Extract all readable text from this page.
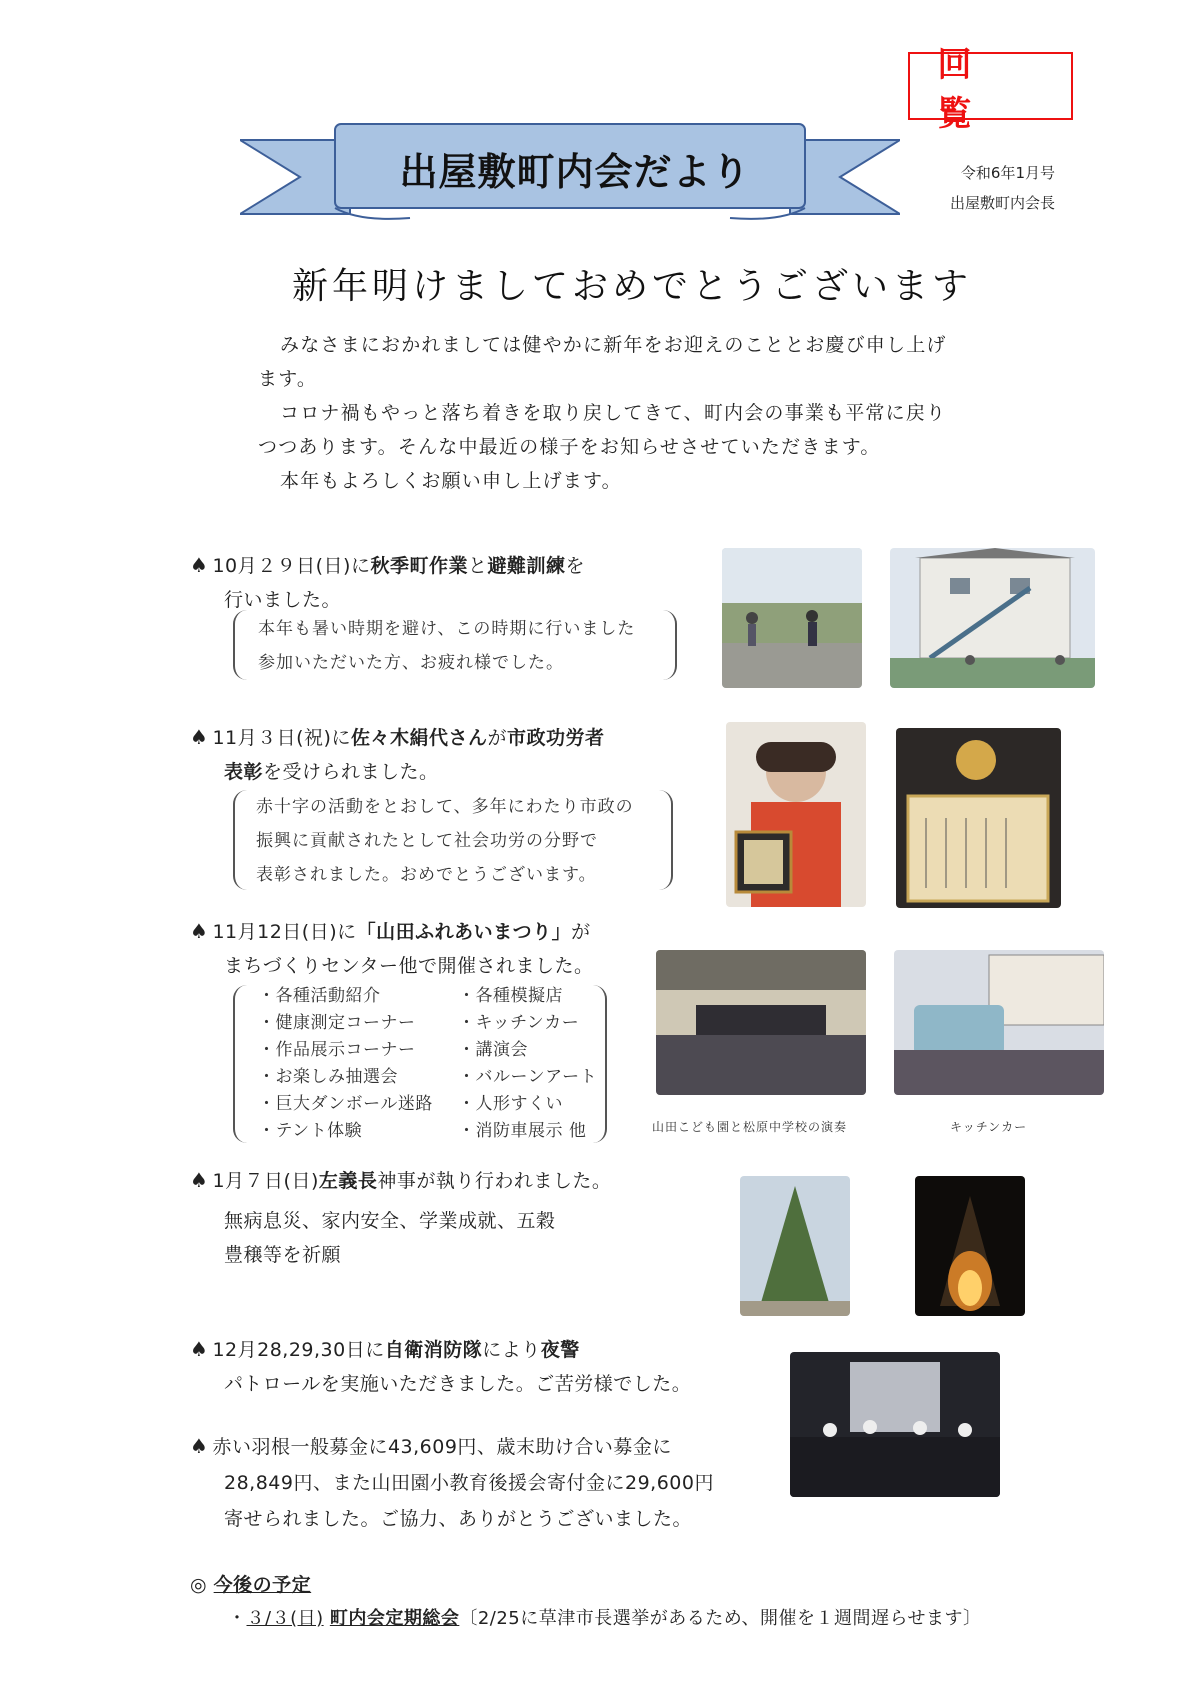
回　覧
出屋敷町内会だより	令和6年1月号
出屋敷町内会長
新年明けましておめでとうございます

みなさまにおかれましては健やかに新年をお迎えのこととお慶び申し上げ

ます。

コロナ禍もやっと落ち着きを取り戻してきて、町内会の事業も平常に戻り

つつあります。そんな中最近の様子をお知らせさせていただきます。

本年もよろしくお願い申し上げます。

♠ 10月２９日(日)に秋季町作業と避難訓練を
行いました。
本年も暑い時期を避け、この時期に行いました
参加いただいた方、お疲れ様でした。
♠ 11月３日(祝)に佐々木絹代さんが市政功労者
表彰を受けられました。
赤十字の活動をとおして、多年にわたり市政の
振興に貢献されたとして社会功労の分野で
表彰されました。おめでとうございます。
♠ 11月12日(日)に「山田ふれあいまつり」が
まちづくりセンター他で開催されました。
・各種活動紹介	・各種模擬店
・健康測定コーナー	・キッチンカー
・作品展示コーナー	・講演会
・お楽しみ抽選会	・バルーンアート
・巨大ダンボール迷路	・人形すくい
・テント体験	・消防車展示 他	山田こども園と松原中学校の演奏	キッチンカー
♠ 1月７日(日)左義長神事が執り行われました。
無病息災、家内安全、学業成就、五穀
豊穣等を祈願
♠ 12月28,29,30日に自衛消防隊により夜警
パトロールを実施いただきました。ご苦労様でした。
♠ 赤い羽根一般募金に43,609円、歳末助け合い募金に
28,849円、また山田園小教育後援会寄付金に29,600円
寄せられました。ご協力、ありがとうございました。
◎ 今後の予定
・３/３(日) 町内会定期総会〔2/25に草津市長選挙があるため、開催を１週間遅らせます〕
